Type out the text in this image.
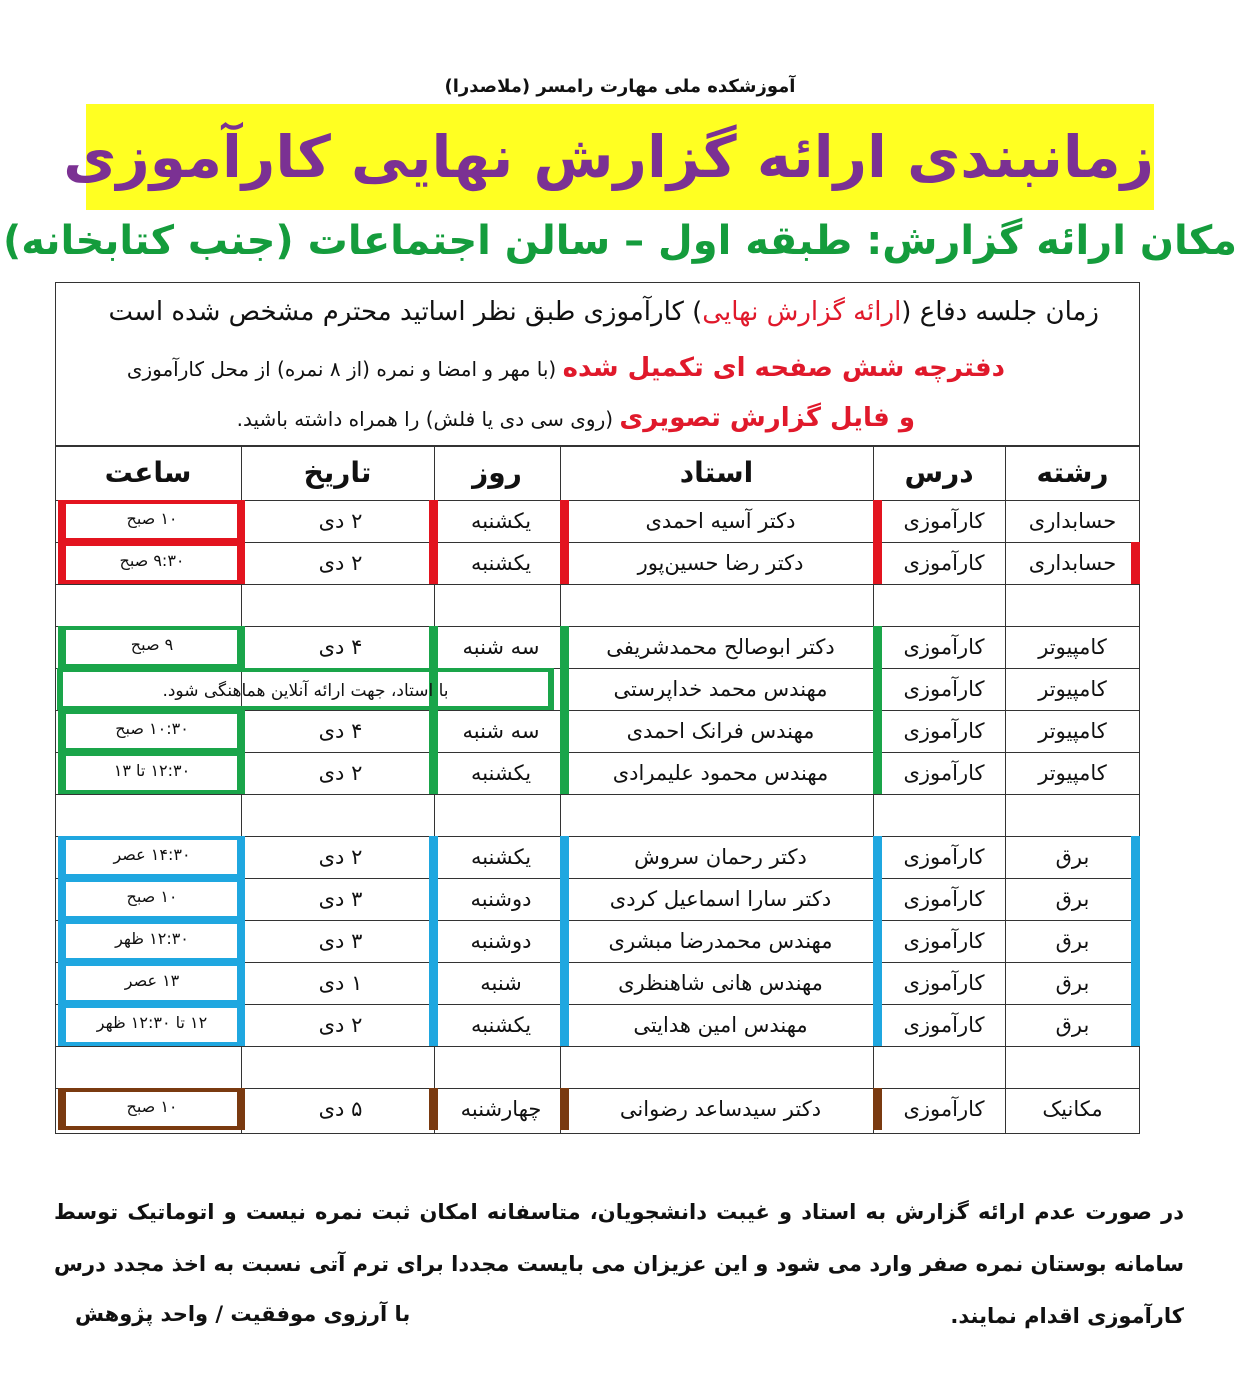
آموزشکده ملی مهارت رامسر (ملاصدرا)
زمانبندی ارائه گزارش نهایی کارآموزی
مکان ارائه گزارش: طبقه اول – سالن اجتماعات (جنب کتابخانه)
زمان جلسه دفاع (ارائه گزارش نهایی) کارآموزی طبق نظر اساتید محترم مشخص شده است
دفترچه شش صفحه ای تکمیل شده (با مهر و امضا و نمره (از ۸ نمره) از محل کارآموزی
و فایل گزارش تصویری (روی سی دی یا فلش) را همراه داشته باشید.
رشته
درس
استاد
روز
تاریخ
ساعت
حسابداری
کارآموزی
دکتر آسیه احمدی
یکشنبه
۲ دی
۱۰ صبح
حسابداری
کارآموزی
دکتر رضا حسین‌پور
یکشنبه
۲ دی
۹:۳۰ صبح
کامپیوتر
کارآموزی
دکتر ابوصالح محمدشریفی
سه شنبه
۴ دی
۹ صبح
کامپیوتر
کارآموزی
مهندس محمد خداپرستی
با استاد، جهت ارائه آنلاین هماهنگی شود.
کامپیوتر
کارآموزی
مهندس فرانک احمدی
سه شنبه
۴ دی
۱۰:۳۰ صبح
کامپیوتر
کارآموزی
مهندس محمود علیمرادی
یکشنبه
۲ دی
۱۲:۳۰ تا ۱۳
برق
کارآموزی
دکتر رحمان سروش
یکشنبه
۲ دی
۱۴:۳۰ عصر
برق
کارآموزی
دکتر سارا اسماعیل کردی
دوشنبه
۳ دی
۱۰ صبح
برق
کارآموزی
مهندس محمدرضا مبشری
دوشنبه
۳ دی
۱۲:۳۰ ظهر
برق
کارآموزی
مهندس هانی شاهنظری
شنبه
۱ دی
۱۳ عصر
برق
کارآموزی
مهندس امین هدایتی
یکشنبه
۲ دی
۱۲ تا ۱۲:۳۰ ظهر
مکانیک
کارآموزی
دکتر سیدساعد رضوانی
چهارشنبه
۵ دی
۱۰ صبح
در صورت عدم ارائه گزارش به استاد و غیبت دانشجویان، متاسفانه امکان ثبت نمره نیست و اتوماتیک توسط سامانه بوستان نمره صفر وارد می شود و این عزیزان می بایست مجددا برای ترم آتی نسبت به اخذ مجدد درس کارآموزی اقدام نمایند.
با آرزوی موفقیت / واحد پژوهش
